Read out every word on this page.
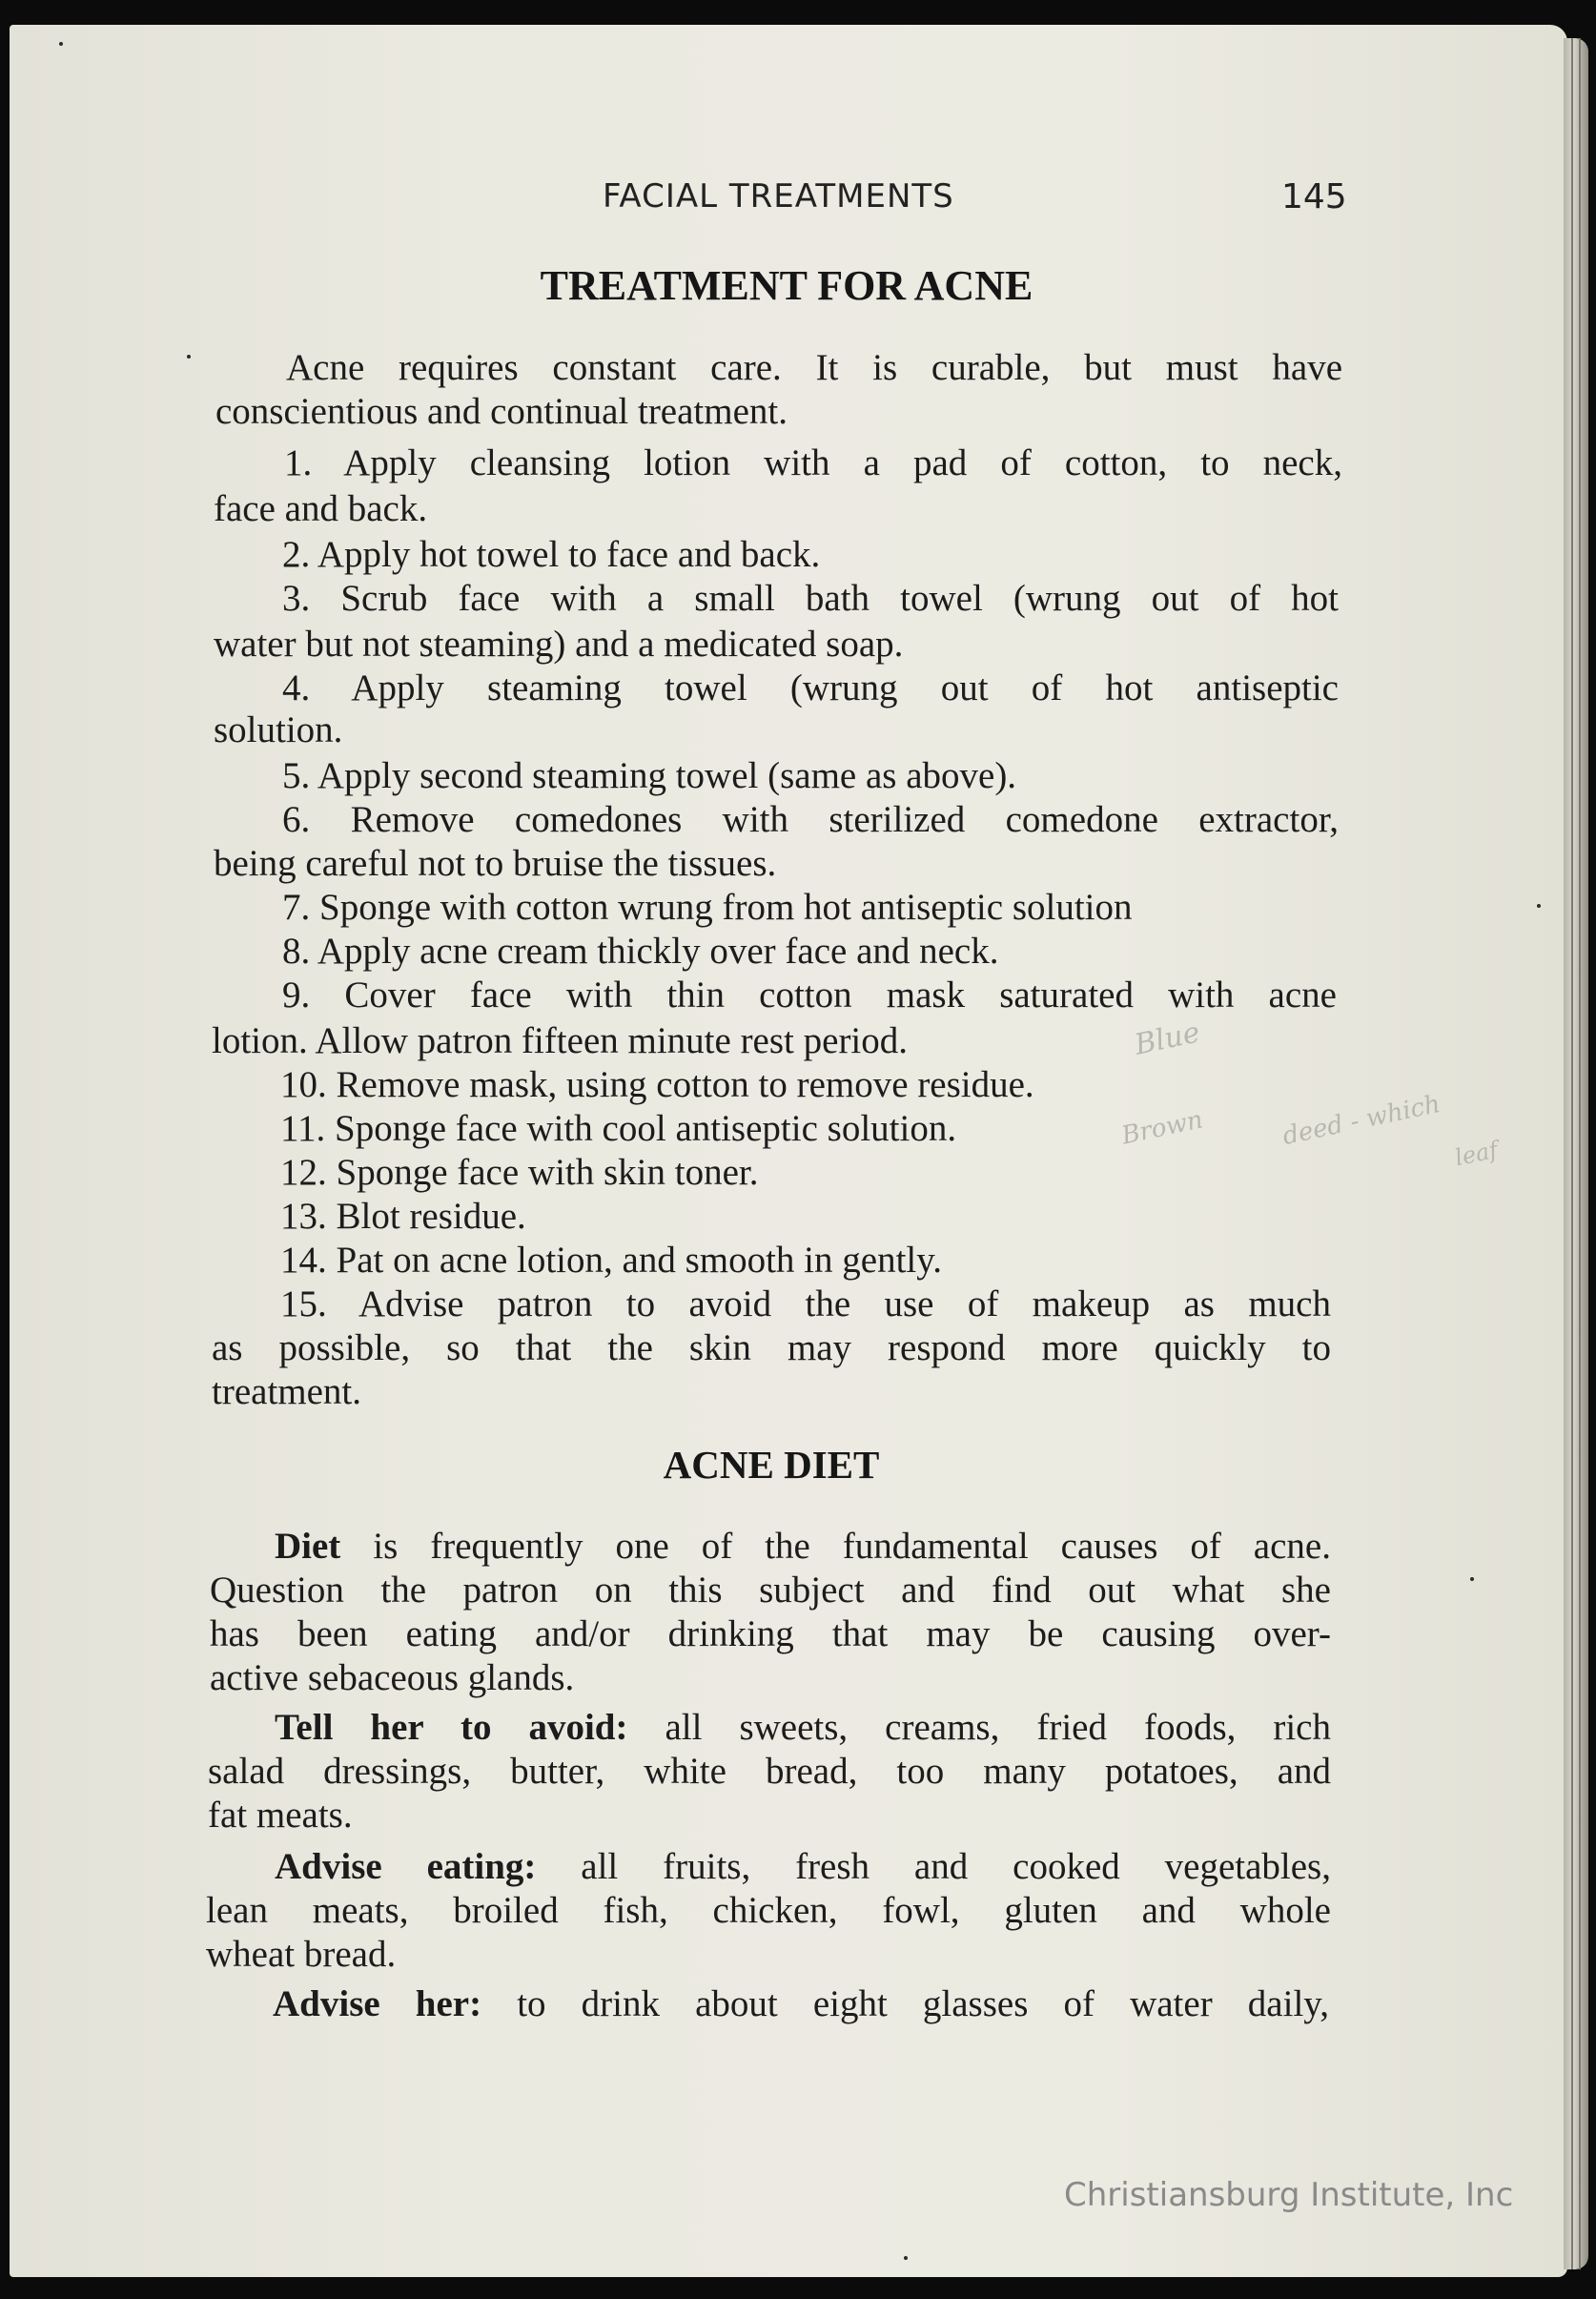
FACIAL TREATMENTS	145
TREATMENT FOR ACNE
Acne requires constant care. It is curable, but must have
conscientious and continual treatment.
1. Apply cleansing lotion with a pad of cotton, to neck,
face and back.
2. Apply hot towel to face and back.
3. Scrub face with a small bath towel (wrung out of hot
water but not steaming) and a medicated soap.
4. Apply steaming towel (wrung out of hot antiseptic
solution.
5. Apply second steaming towel (same as above).
6. Remove comedones with sterilized comedone extractor,
being careful not to bruise the tissues.
7. Sponge with cotton wrung from hot antiseptic solution
8. Apply acne cream thickly over face and neck.
9. Cover face with thin cotton mask saturated with acne
lotion. Allow patron fifteen minute rest period.
10. Remove mask, using cotton to remove residue.
11. Sponge face with cool antiseptic solution.
12. Sponge face with skin toner.
13. Blot residue.
14. Pat on acne lotion, and smooth in gently.
15. Advise patron to avoid the use of makeup as much
as possible, so that the skin may respond more quickly to
treatment.
ACNE DIET
Diet is frequently one of the fundamental causes of acne.
Question the patron on this subject and find out what she
has been eating and/or drinking that may be causing over-
active sebaceous glands.
Tell her to avoid: all sweets, creams, fried foods, rich
salad dressings, butter, white bread, too many potatoes, and
fat meats.
Advise eating: all fruits, fresh and cooked vegetables,
lean meats, broiled fish, chicken, fowl, gluten and whole
wheat bread.
Advise her: to drink about eight glasses of water daily,
Blue
Brown	deed - which
leaf
Christiansburg Institute, Inc
